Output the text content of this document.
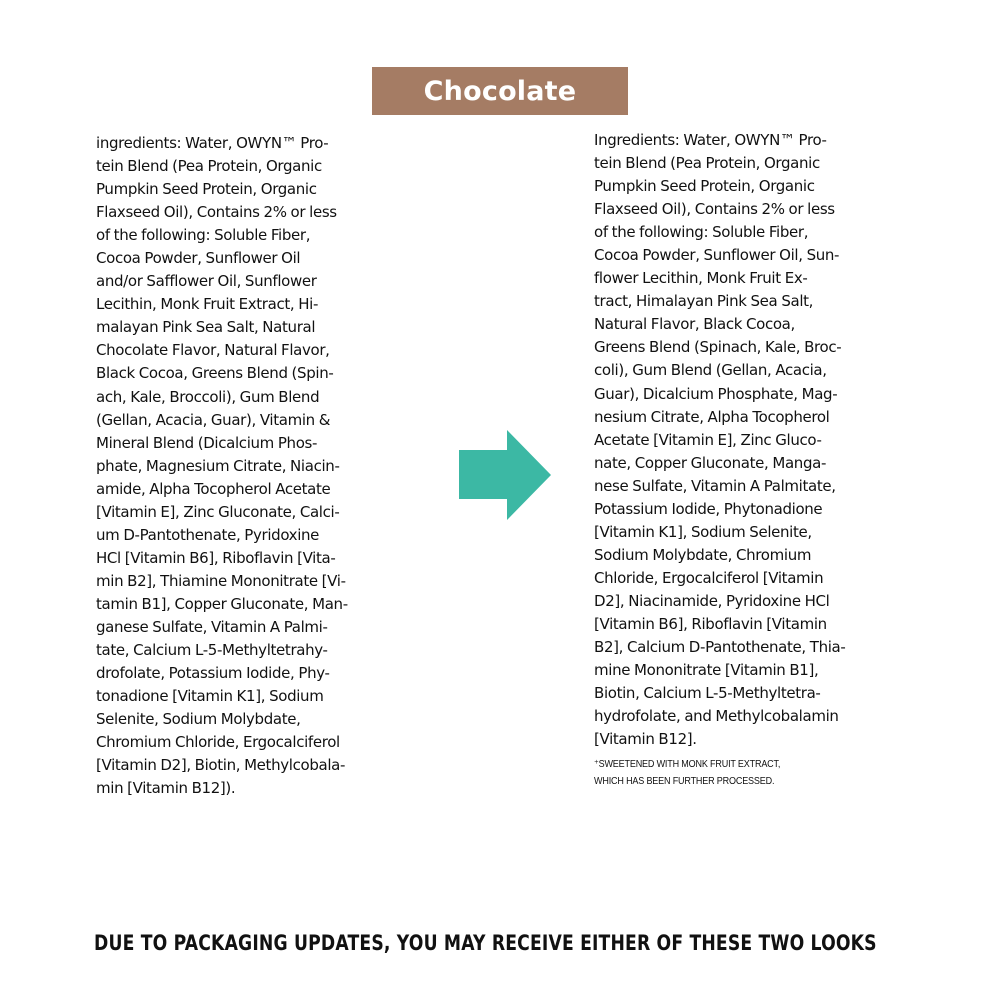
Chocolate
ingredients: Water, OWYN™ Pro-
tein Blend (Pea Protein, Organic
Pumpkin Seed Protein, Organic
Flaxseed Oil), Contains 2% or less
of the following: Soluble Fiber,
Cocoa Powder, Sunflower Oil
and/or Safflower Oil, Sunflower
Lecithin, Monk Fruit Extract, Hi-
malayan Pink Sea Salt, Natural
Chocolate Flavor, Natural Flavor,
Black Cocoa, Greens Blend (Spin-
ach, Kale, Broccoli), Gum Blend
(Gellan, Acacia, Guar), Vitamin &
Mineral Blend (Dicalcium Phos-
phate, Magnesium Citrate, Niacin-
amide, Alpha Tocopherol Acetate
[Vitamin E], Zinc Gluconate, Calci-
um D-Pantothenate, Pyridoxine
HCl [Vitamin B6], Riboflavin [Vita-
min B2], Thiamine Mononitrate [Vi-
tamin B1], Copper Gluconate, Man-
ganese Sulfate, Vitamin A Palmi-
tate, Calcium L-5-Methyltetrahy-
drofolate, Potassium Iodide, Phy-
tonadione [Vitamin K1], Sodium
Selenite, Sodium Molybdate,
Chromium Chloride, Ergocalciferol
[Vitamin D2], Biotin, Methylcobala-
min [Vitamin B12]).
Ingredients: Water, OWYN™ Pro-
tein Blend (Pea Protein, Organic
Pumpkin Seed Protein, Organic
Flaxseed Oil), Contains 2% or less
of the following: Soluble Fiber,
Cocoa Powder, Sunflower Oil, Sun-
flower Lecithin, Monk Fruit Ex-
tract, Himalayan Pink Sea Salt,
Natural Flavor, Black Cocoa,
Greens Blend (Spinach, Kale, Broc-
coli), Gum Blend (Gellan, Acacia,
Guar), Dicalcium Phosphate, Mag-
nesium Citrate, Alpha Tocopherol
Acetate [Vitamin E], Zinc Gluco-
nate, Copper Gluconate, Manga-
nese Sulfate, Vitamin A Palmitate,
Potassium Iodide, Phytonadione
[Vitamin K1], Sodium Selenite,
Sodium Molybdate, Chromium
Chloride, Ergocalciferol [Vitamin
D2], Niacinamide, Pyridoxine HCl
[Vitamin B6], Riboflavin [Vitamin
B2], Calcium D-Pantothenate, Thia-
mine Mononitrate [Vitamin B1],
Biotin, Calcium L-5-Methyltetra-
hydrofolate, and Methylcobalamin
[Vitamin B12].
⁺SWEETENED WITH MONK FRUIT EXTRACT,
WHICH HAS BEEN FURTHER PROCESSED.
DUE TO PACKAGING UPDATES, YOU MAY RECEIVE EITHER OF THESE TWO LOOKS
